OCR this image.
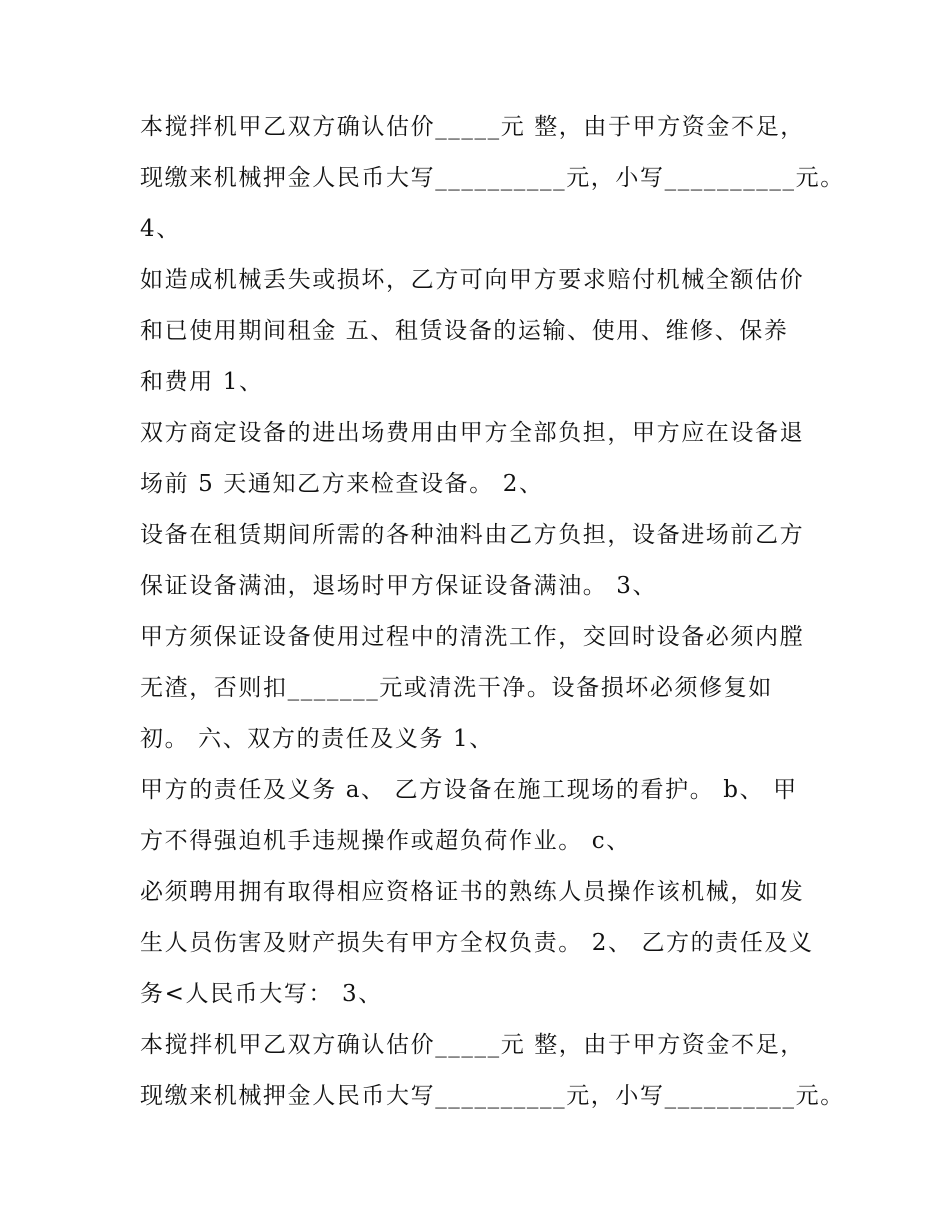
本搅拌机甲乙双方确认估价_____元 整，由于甲方资金不足，
现缴来机械押金人民币大写__________元，小写__________元。
4、
如造成机械丢失或损坏，乙方可向甲方要求赔付机械全额估价
和已使用期间租金 五、租赁设备的运输、使用、维修、保养
和费用 1、
双方商定设备的进出场费用由甲方全部负担，甲方应在设备退
场前 5 天通知乙方来检查设备。 2、
设备在租赁期间所需的各种油料由乙方负担，设备进场前乙方
保证设备满油，退场时甲方保证设备满油。 3、
甲方须保证设备使用过程中的清洗工作，交回时设备必须内膛
无渣，否则扣_______元或清洗干净。设备损坏必须修复如
初。 六、双方的责任及义务 1、
甲方的责任及义务 a、 乙方设备在施工现场的看护。 b、 甲
方不得强迫机手违规操作或超负荷作业。 c、
必须聘用拥有取得相应资格证书的熟练人员操作该机械，如发
生人员伤害及财产损失有甲方全权负责。 2、 乙方的责任及义
务<人民币大写： 3、
本搅拌机甲乙双方确认估价_____元 整，由于甲方资金不足，
现缴来机械押金人民币大写__________元，小写__________元。
